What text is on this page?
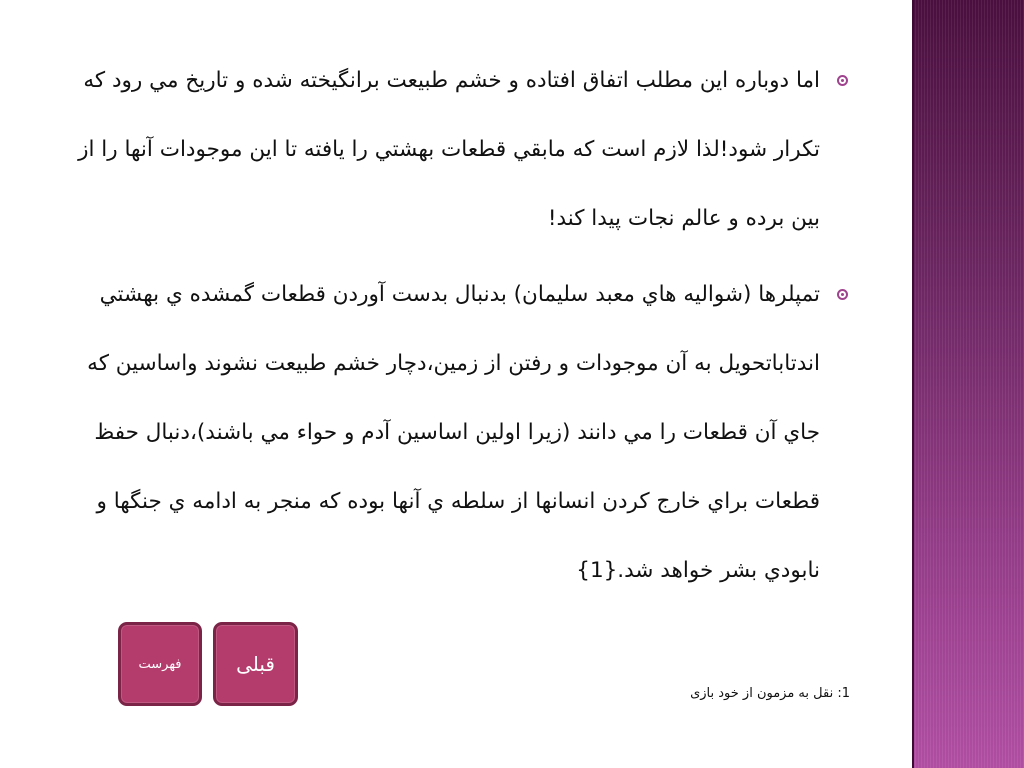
اما دوباره اين مطلب اتفاق افتاده و خشم طبيعت برانگيخته شده و تاريخ مي رود که تکرار شود!لذا لازم است که مابقي قطعات بهشتي را يافته تا اين موجودات آنها را از بين برده و عالم نجات پيدا کند!

تمپلرها (شواليه هاي معبد سليمان) بدنبال بدست آوردن قطعات گمشده ي بهشتي اندتاباتحويل به آن موجودات و رفتن از زمين،دچار خشم طبيعت نشوند واساسين که جاي آن قطعات را مي دانند (زيرا اولين اساسين آدم و حواء مي باشند)،دنبال حفظ قطعات براي خارج کردن انسانها از سلطه ي آنها بوده که منجر به ادامه ي جنگها و نابودي بشر خواهد شد.{1}

فهرست	قبلی
1: نقل به مزمون از خود بازی
